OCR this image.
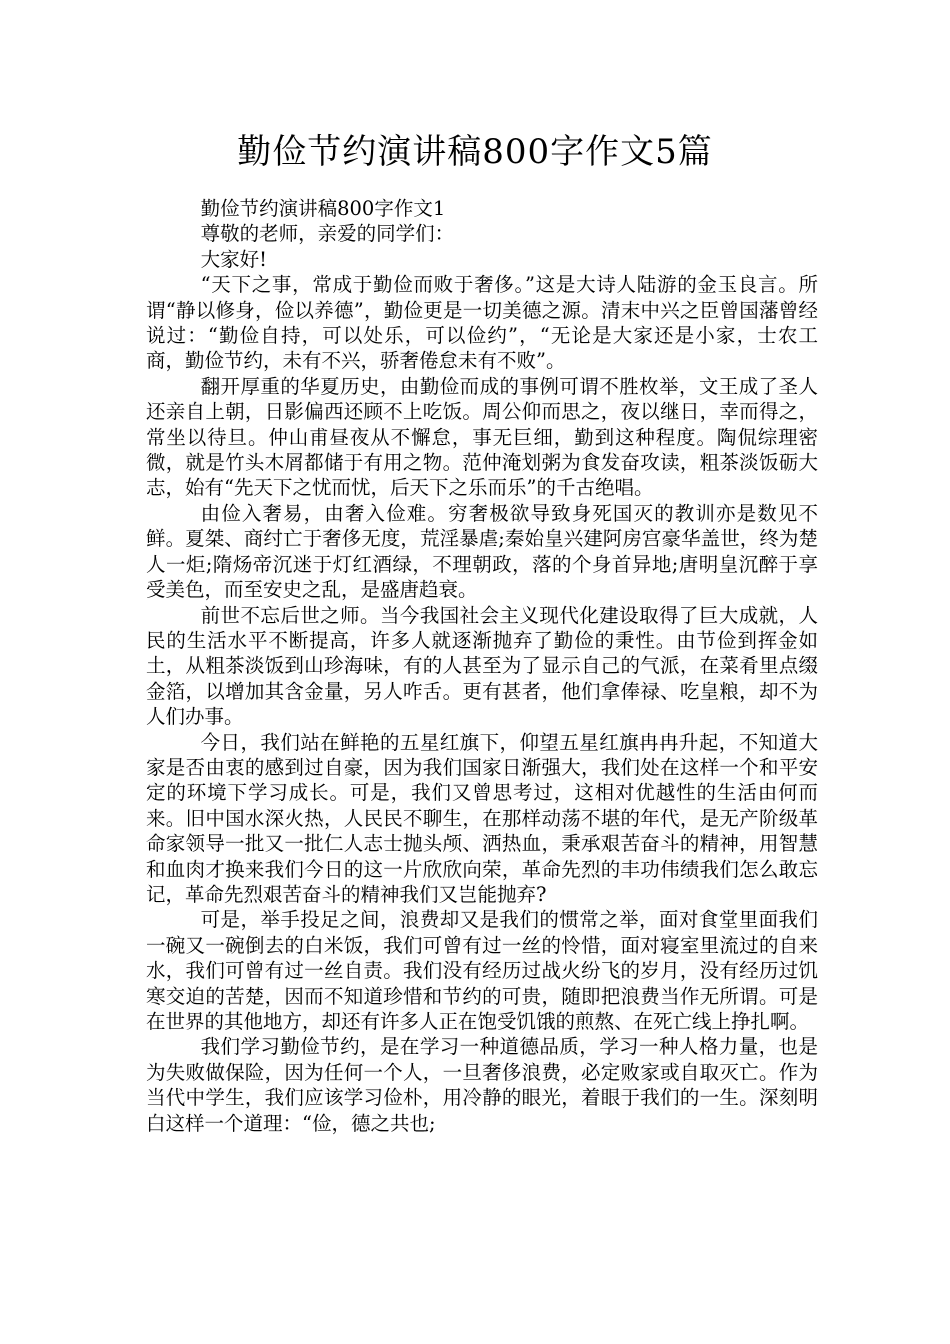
勤俭节约演讲稿800字作文5篇

勤俭节约演讲稿800字作文1

尊敬的老师，亲爱的同学们：

大家好!

“天下之事，常成于勤俭而败于奢侈。”这是大诗人陆游的金玉良言。所谓“静以修身，俭以养德”，勤俭更是一切美德之源。清末中兴之臣曾国藩曾经说过：“勤俭自持，可以处乐，可以俭约”，“无论是大家还是小家，士农工商，勤俭节约，未有不兴，骄奢倦怠未有不败”。

翻开厚重的华夏历史，由勤俭而成的事例可谓不胜枚举，文王成了圣人还亲自上朝，日影偏西还顾不上吃饭。周公仰而思之，夜以继日，幸而得之，常坐以待旦。仲山甫昼夜从不懈怠，事无巨细，勤到这种程度。陶侃综理密微，就是竹头木屑都储于有用之物。范仲淹划粥为食发奋攻读，粗茶淡饭砺大志，始有“先天下之忧而忧，后天下之乐而乐”的千古绝唱。

由俭入奢易，由奢入俭难。穷奢极欲导致身死国灭的教训亦是数见不鲜。夏桀、商纣亡于奢侈无度，荒淫暴虐;秦始皇兴建阿房宫豪华盖世，终为楚人一炬;隋炀帝沉迷于灯红酒绿，不理朝政，落的个身首异地;唐明皇沉醉于享受美色，而至安史之乱，是盛唐趋衰。

前世不忘后世之师。当今我国社会主义现代化建设取得了巨大成就，人民的生活水平不断提高，许多人就逐渐抛弃了勤俭的秉性。由节俭到挥金如土，从粗茶淡饭到山珍海味，有的人甚至为了显示自己的气派，在菜肴里点缀金箔，以增加其含金量，另人咋舌。更有甚者，他们拿俸禄、吃皇粮，却不为人们办事。

今日，我们站在鲜艳的五星红旗下，仰望五星红旗冉冉升起，不知道大家是否由衷的感到过自豪，因为我们国家日渐强大，我们处在这样一个和平安定的环境下学习成长。可是，我们又曾思考过，这相对优越性的生活由何而来。旧中国水深火热，人民民不聊生，在那样动荡不堪的年代，是无产阶级革命家领导一批又一批仁人志士抛头颅、洒热血，秉承艰苦奋斗的精神，用智慧和血肉才换来我们今日的这一片欣欣向荣，革命先烈的丰功伟绩我们怎么敢忘记，革命先烈艰苦奋斗的精神我们又岂能抛弃?

可是，举手投足之间，浪费却又是我们的惯常之举，面对食堂里面我们一碗又一碗倒去的白米饭，我们可曾有过一丝的怜惜，面对寝室里流过的自来水，我们可曾有过一丝自责。我们没有经历过战火纷飞的岁月，没有经历过饥寒交迫的苦楚，因而不知道珍惜和节约的可贵，随即把浪费当作无所谓。可是在世界的其他地方，却还有许多人正在饱受饥饿的煎熬、在死亡线上挣扎啊。

我们学习勤俭节约，是在学习一种道德品质，学习一种人格力量，也是为失败做保险，因为任何一个人，一旦奢侈浪费，必定败家或自取灭亡。作为当代中学生，我们应该学习俭朴，用冷静的眼光，着眼于我们的一生。深刻明白这样一个道理：“俭，德之共也;
